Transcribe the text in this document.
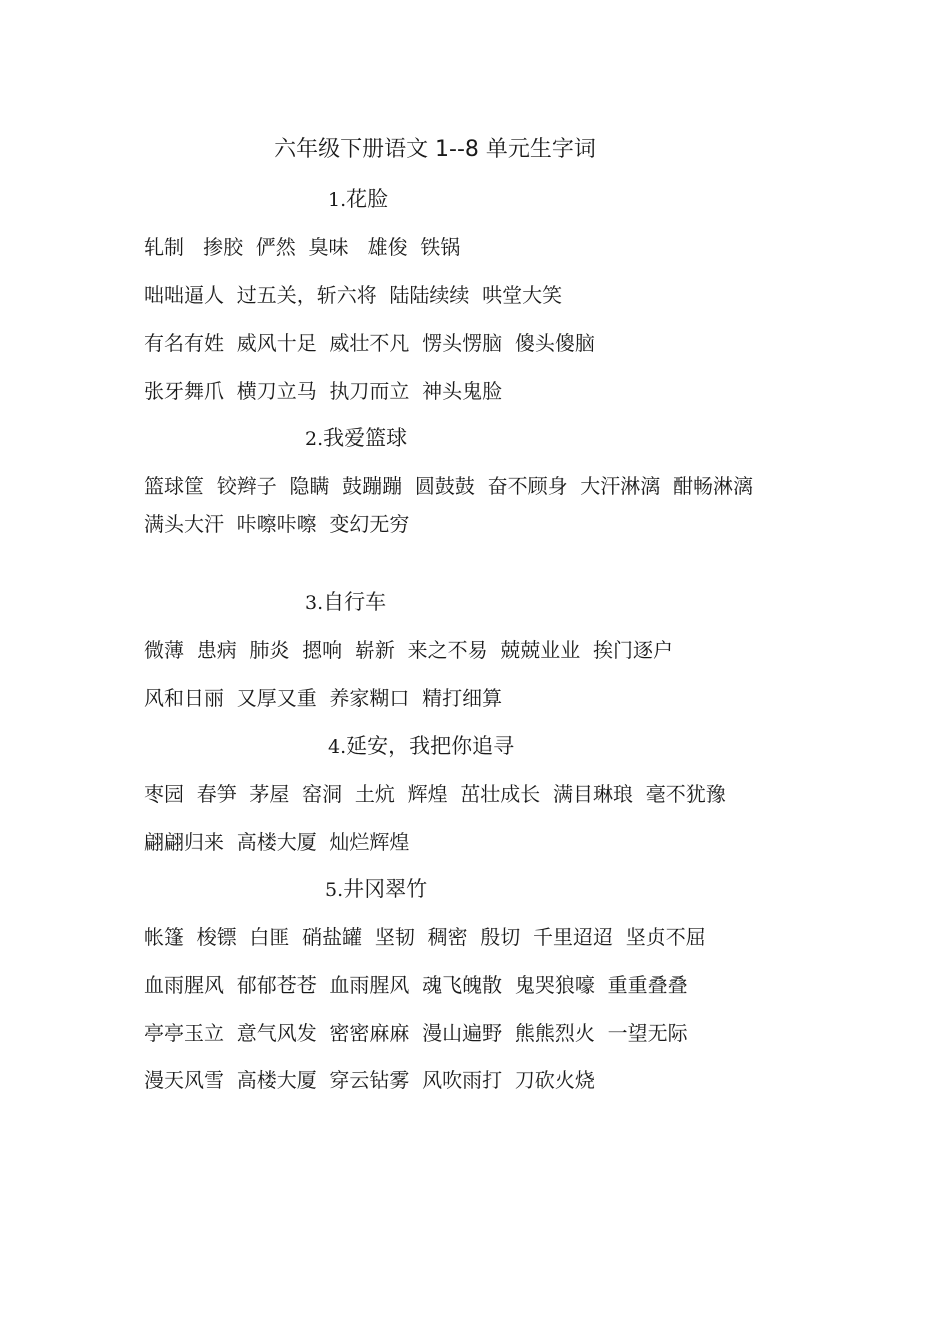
六年级下册语文 1--8 单元生字词
1.花脸
轧制   掺胶  俨然  臭味   雄俊  铁锅
咄咄逼人  过五关，斩六将  陆陆续续  哄堂大笑
有名有姓  威风十足  威壮不凡  愣头愣脑  傻头傻脑
张牙舞爪  横刀立马  执刀而立  神头鬼脸
2.我爱篮球
篮球筐  铰辫子  隐瞒  鼓蹦蹦  圆鼓鼓  奋不顾身  大汗淋漓  酣畅淋漓
满头大汗  咔嚓咔嚓  变幻无穷
3.自行车
微薄  患病  肺炎  摁响  崭新  来之不易  兢兢业业  挨门逐户
风和日丽  又厚又重  养家糊口  精打细算
4.延安，我把你追寻
枣园  春笋  茅屋  窑洞  土炕  辉煌  茁壮成长  满目琳琅  毫不犹豫
翩翩归来  高楼大厦  灿烂辉煌
5.井冈翠竹
帐篷  梭镖  白匪  硝盐罐  坚韧  稠密  殷切  千里迢迢  坚贞不屈
血雨腥风  郁郁苍苍  血雨腥风  魂飞魄散  鬼哭狼嚎  重重叠叠
亭亭玉立  意气风发  密密麻麻  漫山遍野  熊熊烈火  一望无际
漫天风雪  高楼大厦  穿云钻雾  风吹雨打  刀砍火烧
